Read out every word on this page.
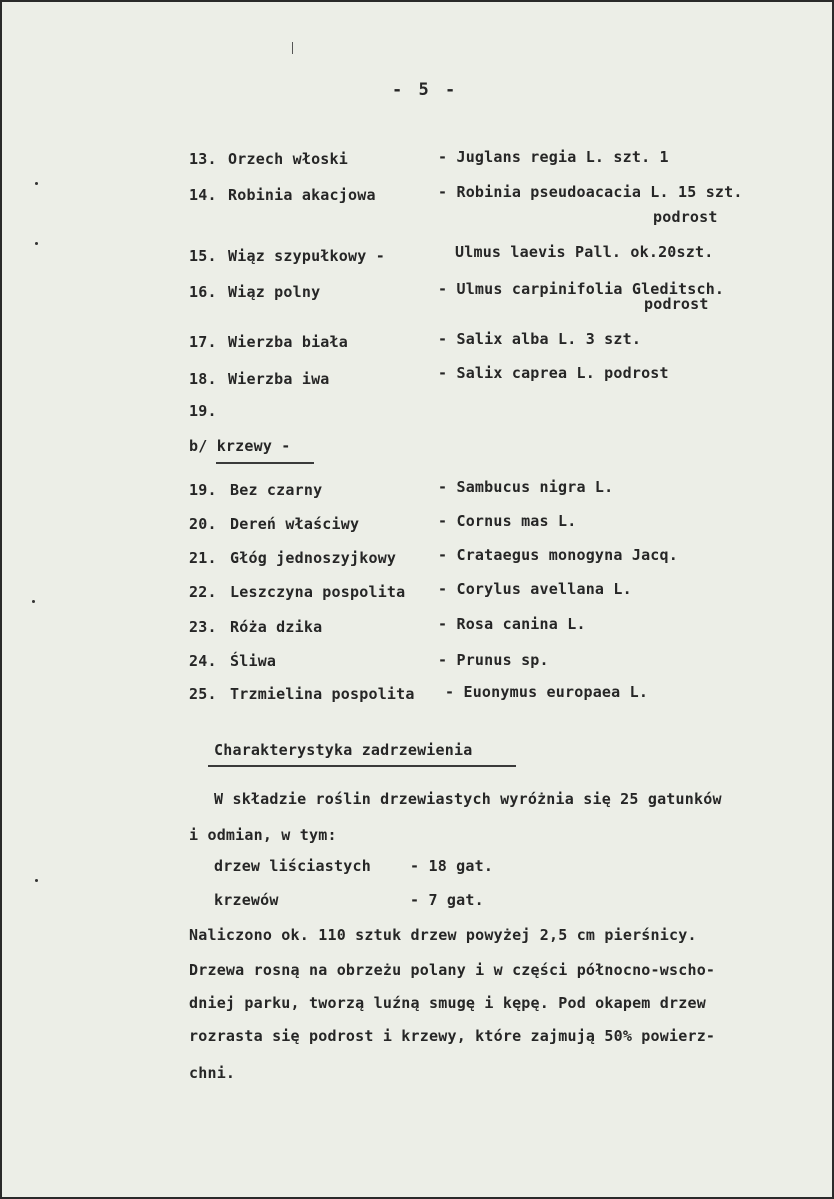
- 5 -
13. Orzech włoski	- Juglans regia L. szt. 1
14. Robinia akacjowa	- Robinia pseudoacacia L. 15 szt.
podrost
15. Wiąz szypułkowy -	Ulmus laevis Pall. ok.20szt.
16. Wiąz polny	- Ulmus carpinifolia Gleditsch.
podrost
17. Wierzba biała	- Salix alba L. 3 szt.
18. Wierzba iwa	- Salix caprea L. podrost
19.
b/ krzewy -
19. Bez czarny	- Sambucus nigra L.
20. Dereń właściwy	- Cornus mas L.
21. Głóg jednoszyjkowy	- Crataegus monogyna Jacq.
22. Leszczyna pospolita - Corylus avellana L.
23. Róża dzika	- Rosa canina L.
24. Śliwa	- Prunus sp.
25. Trzmielina pospolita - Euonymus europaea L.
Charakterystyka zadrzewienia
W składzie roślin drzewiastych wyróżnia się 25 gatunków
i odmian, w tym:
drzew liściastych	- 18 gat.
krzewów	- 7 gat.
Naliczono ok. 110 sztuk drzew powyżej 2,5 cm pierśnicy.
Drzewa rosną na obrzeżu polany i w części północno-wscho-
dniej parku, tworzą luźną smugę i kępę. Pod okapem drzew
rozrasta się podrost i krzewy, które zajmują 50% powierz-
chni.
